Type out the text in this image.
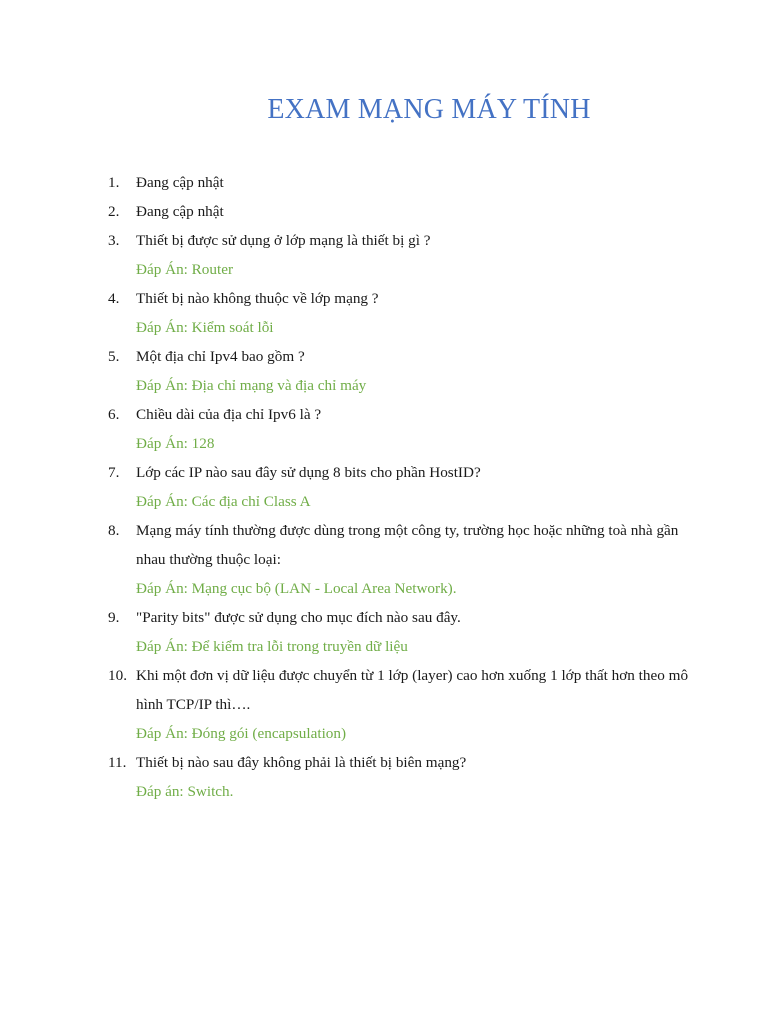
EXAM MẠNG MÁY TÍNH
1.	Đang cập nhật
2.	Đang cập nhật
3.	Thiết bị được sử dụng ở lớp mạng là thiết bị gì ?
Đáp Án: Router
4.	Thiết bị nào không thuộc về lớp mạng ?
Đáp Án: Kiểm soát lỗi
5.	Một địa chỉ Ipv4 bao gồm ?
Đáp Án: Địa chỉ mạng và địa chỉ máy
6.	Chiều dài của địa chỉ Ipv6 là ?
Đáp Án: 128
7.	Lớp các IP nào sau đây sử dụng 8 bits cho phần HostID?
Đáp Án: Các địa chỉ Class A
8.	Mạng máy tính thường được dùng trong một công ty, trường học hoặc những toà nhà gần nhau thường thuộc loại:
Đáp Án: Mạng cục bộ (LAN - Local Area Network).
9.	"Parity bits" được sử dụng cho mục đích nào sau đây.
Đáp Án: Để kiểm tra lỗi trong truyền dữ liệu
10. Khi một đơn vị dữ liệu được chuyển từ 1 lớp (layer) cao hơn xuống 1 lớp thất hơn theo mô hình TCP/IP thì….
Đáp Án: Đóng gói (encapsulation)
11. Thiết bị nào sau đây không phải là thiết bị biên mạng?
Đáp án: Switch.
